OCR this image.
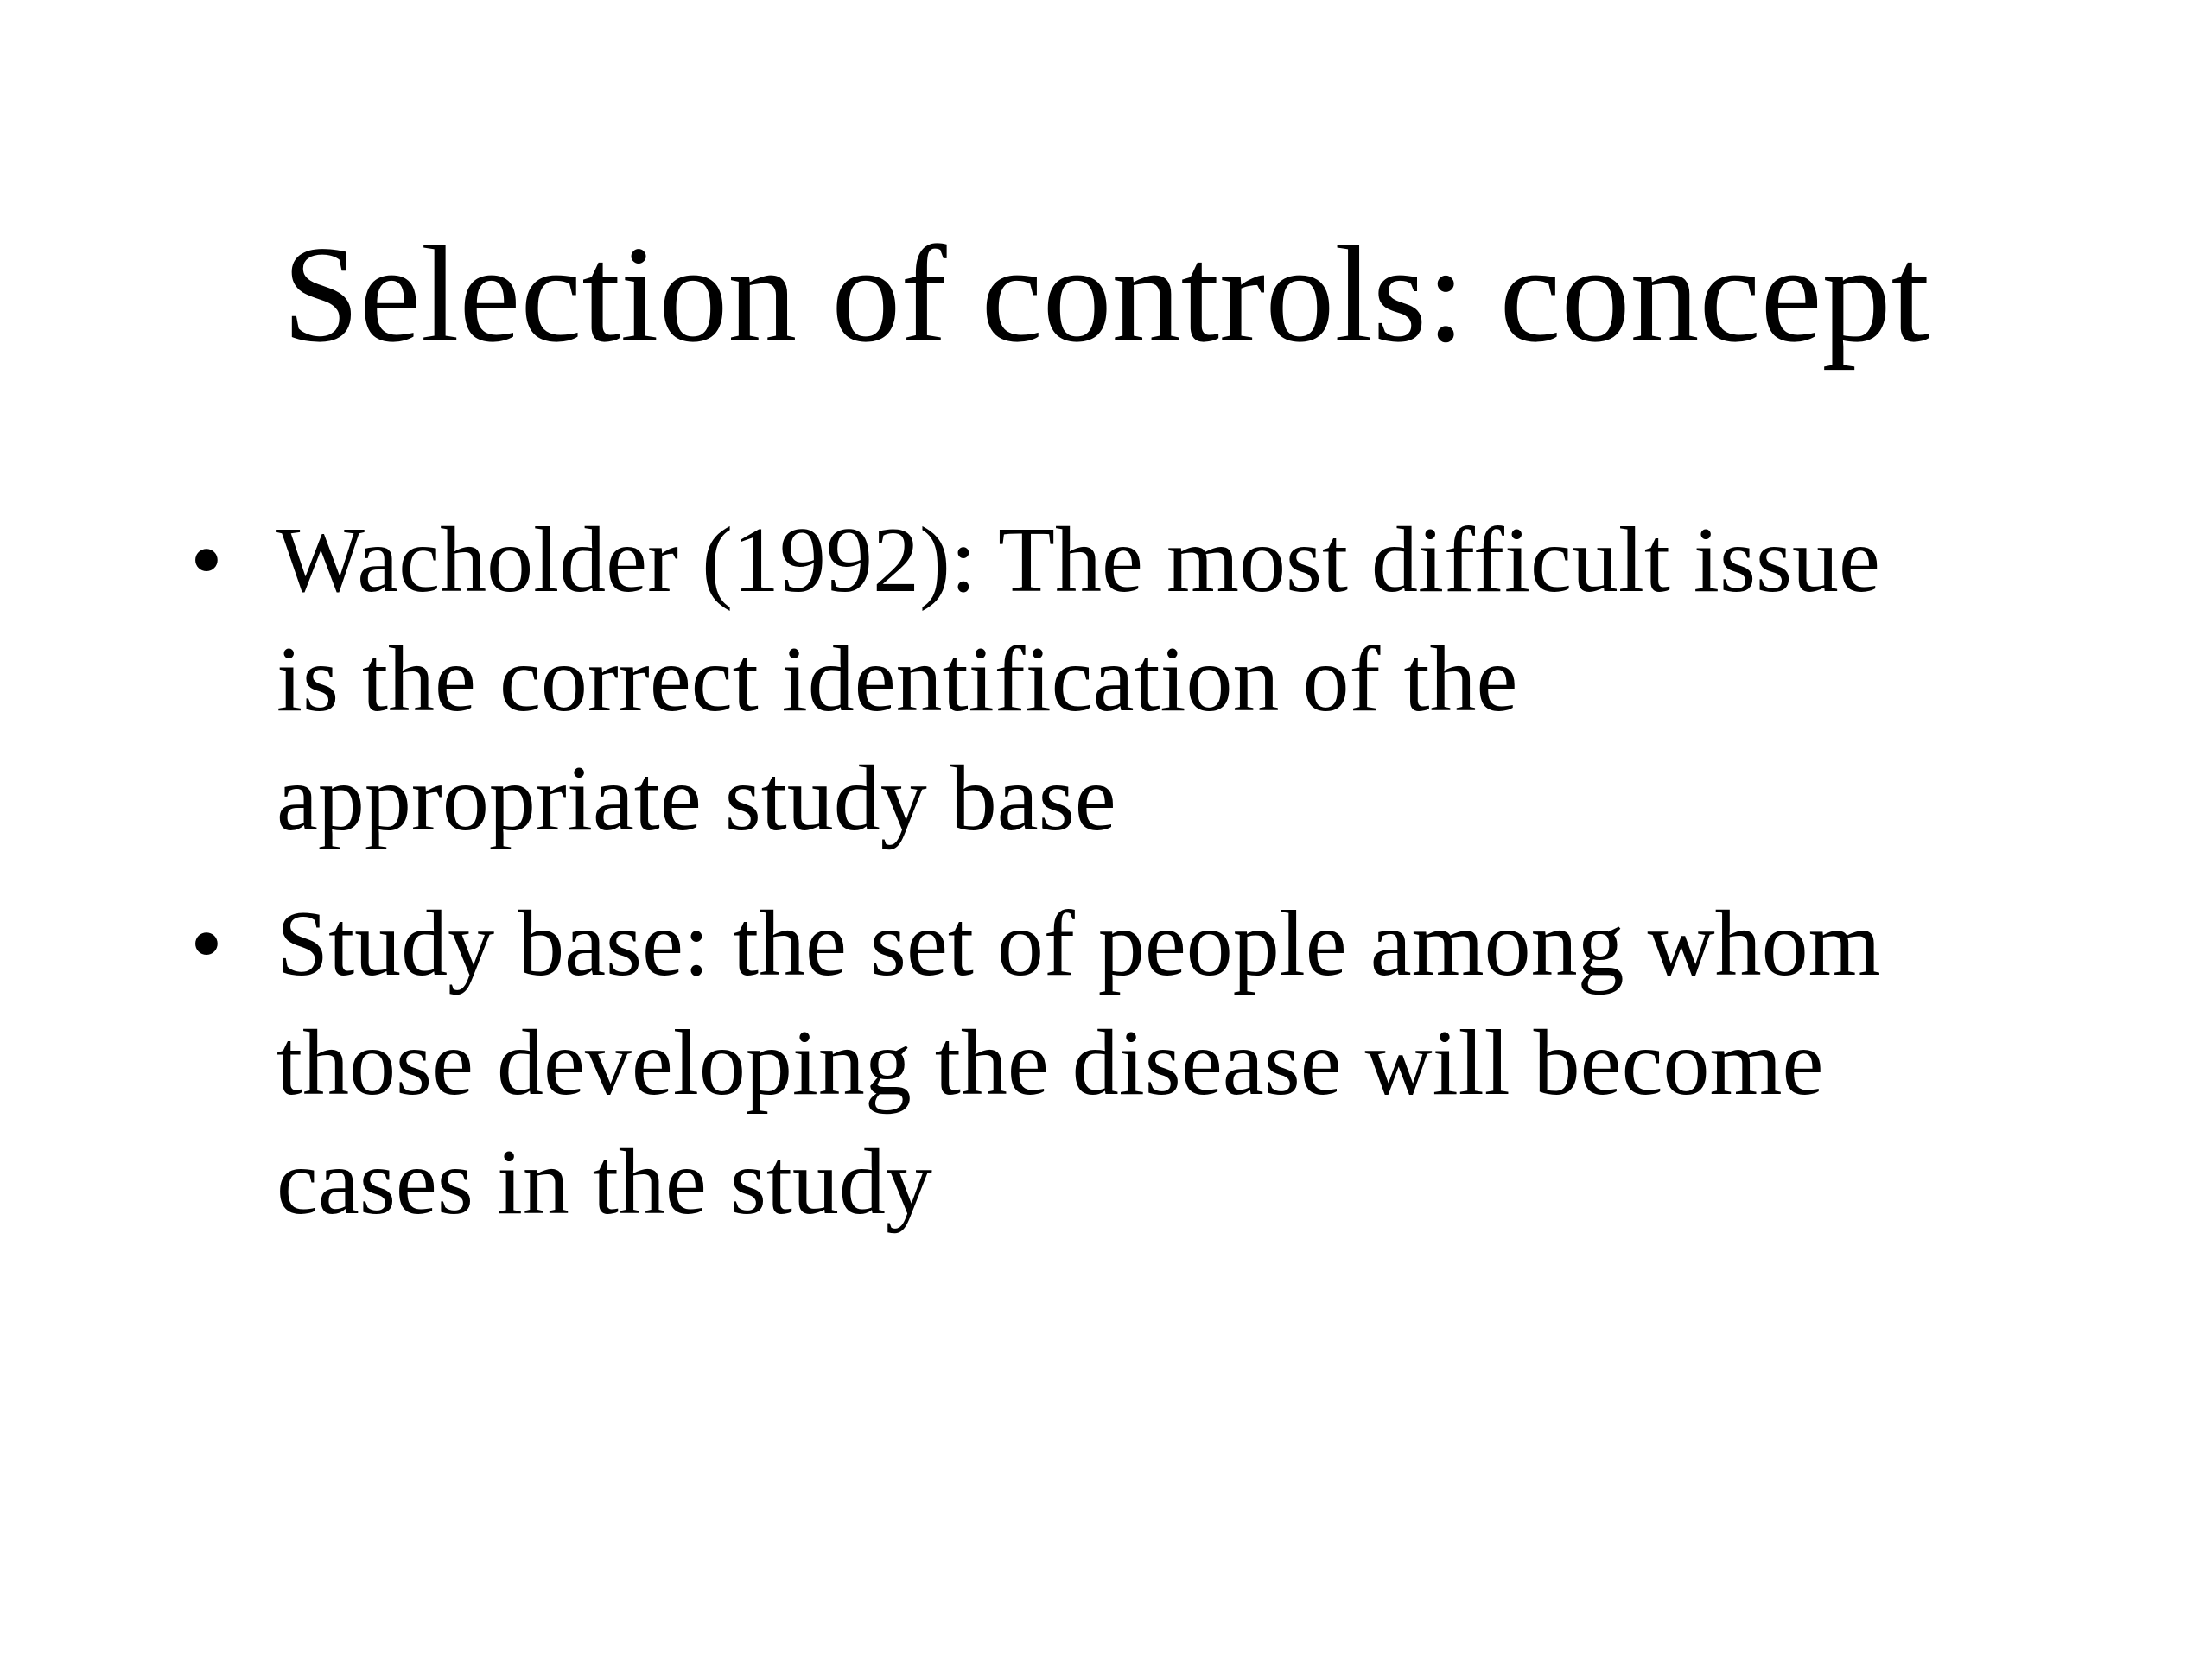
Selection of controls: concept
• Wacholder (1992): The most difficult issue
is the correct identification of the
appropriate study base
• Study base: the set of people among whom
those developing the disease will become
cases in the study
